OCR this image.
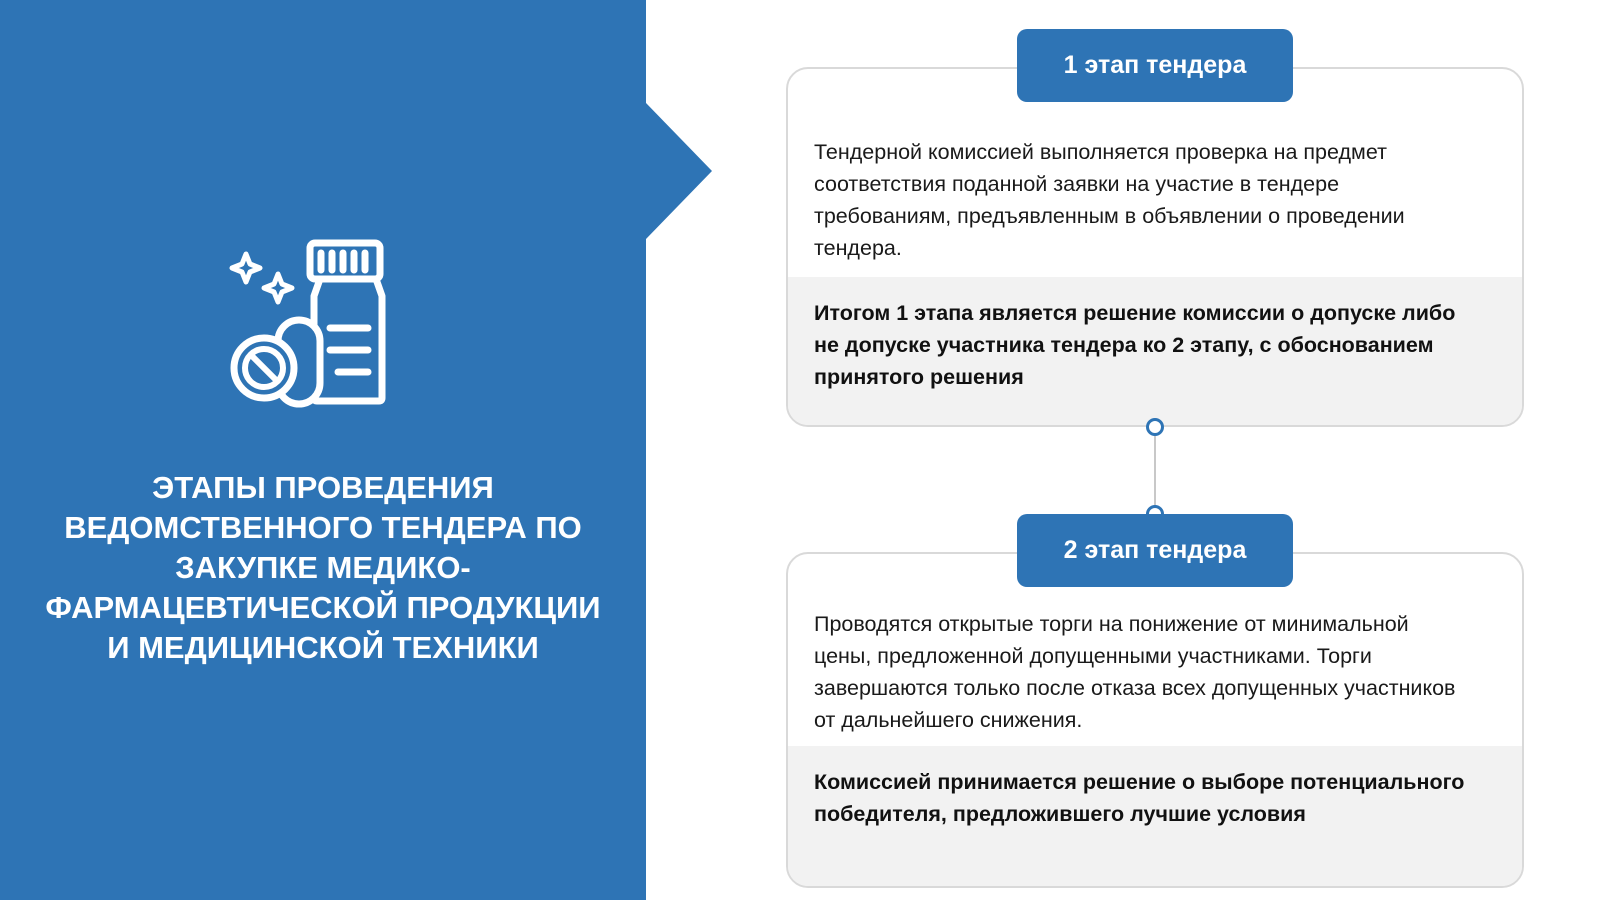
ЭТАПЫ ПРОВЕДЕНИЯ ВЕДОМСТВЕННОГО ТЕНДЕРА ПО ЗАКУПКЕ МЕДИКО-ФАРМАЦЕВТИЧЕСКОЙ ПРОДУКЦИИ И МЕДИЦИНСКОЙ ТЕХНИКИ

Тендерной комиссией выполняется проверка на предмет соответствия поданной заявки на участие в тендере требованиям, предъявленным в объявлении о проведении тендера.

Итогом 1 этапа является решение комиссии о допуске либо не допуске участника тендера ко 2 этапу, с обоснованием принятого решения

1 этап тендера

Проводятся открытые торги на понижение от минимальной цены, предложенной допущенными участниками. Торги завершаются только после отказа всех допущенных участников от дальнейшего снижения.

Комиссией принимается решение о выборе потенциального победителя, предложившего лучшие условия

2 этап тендера
